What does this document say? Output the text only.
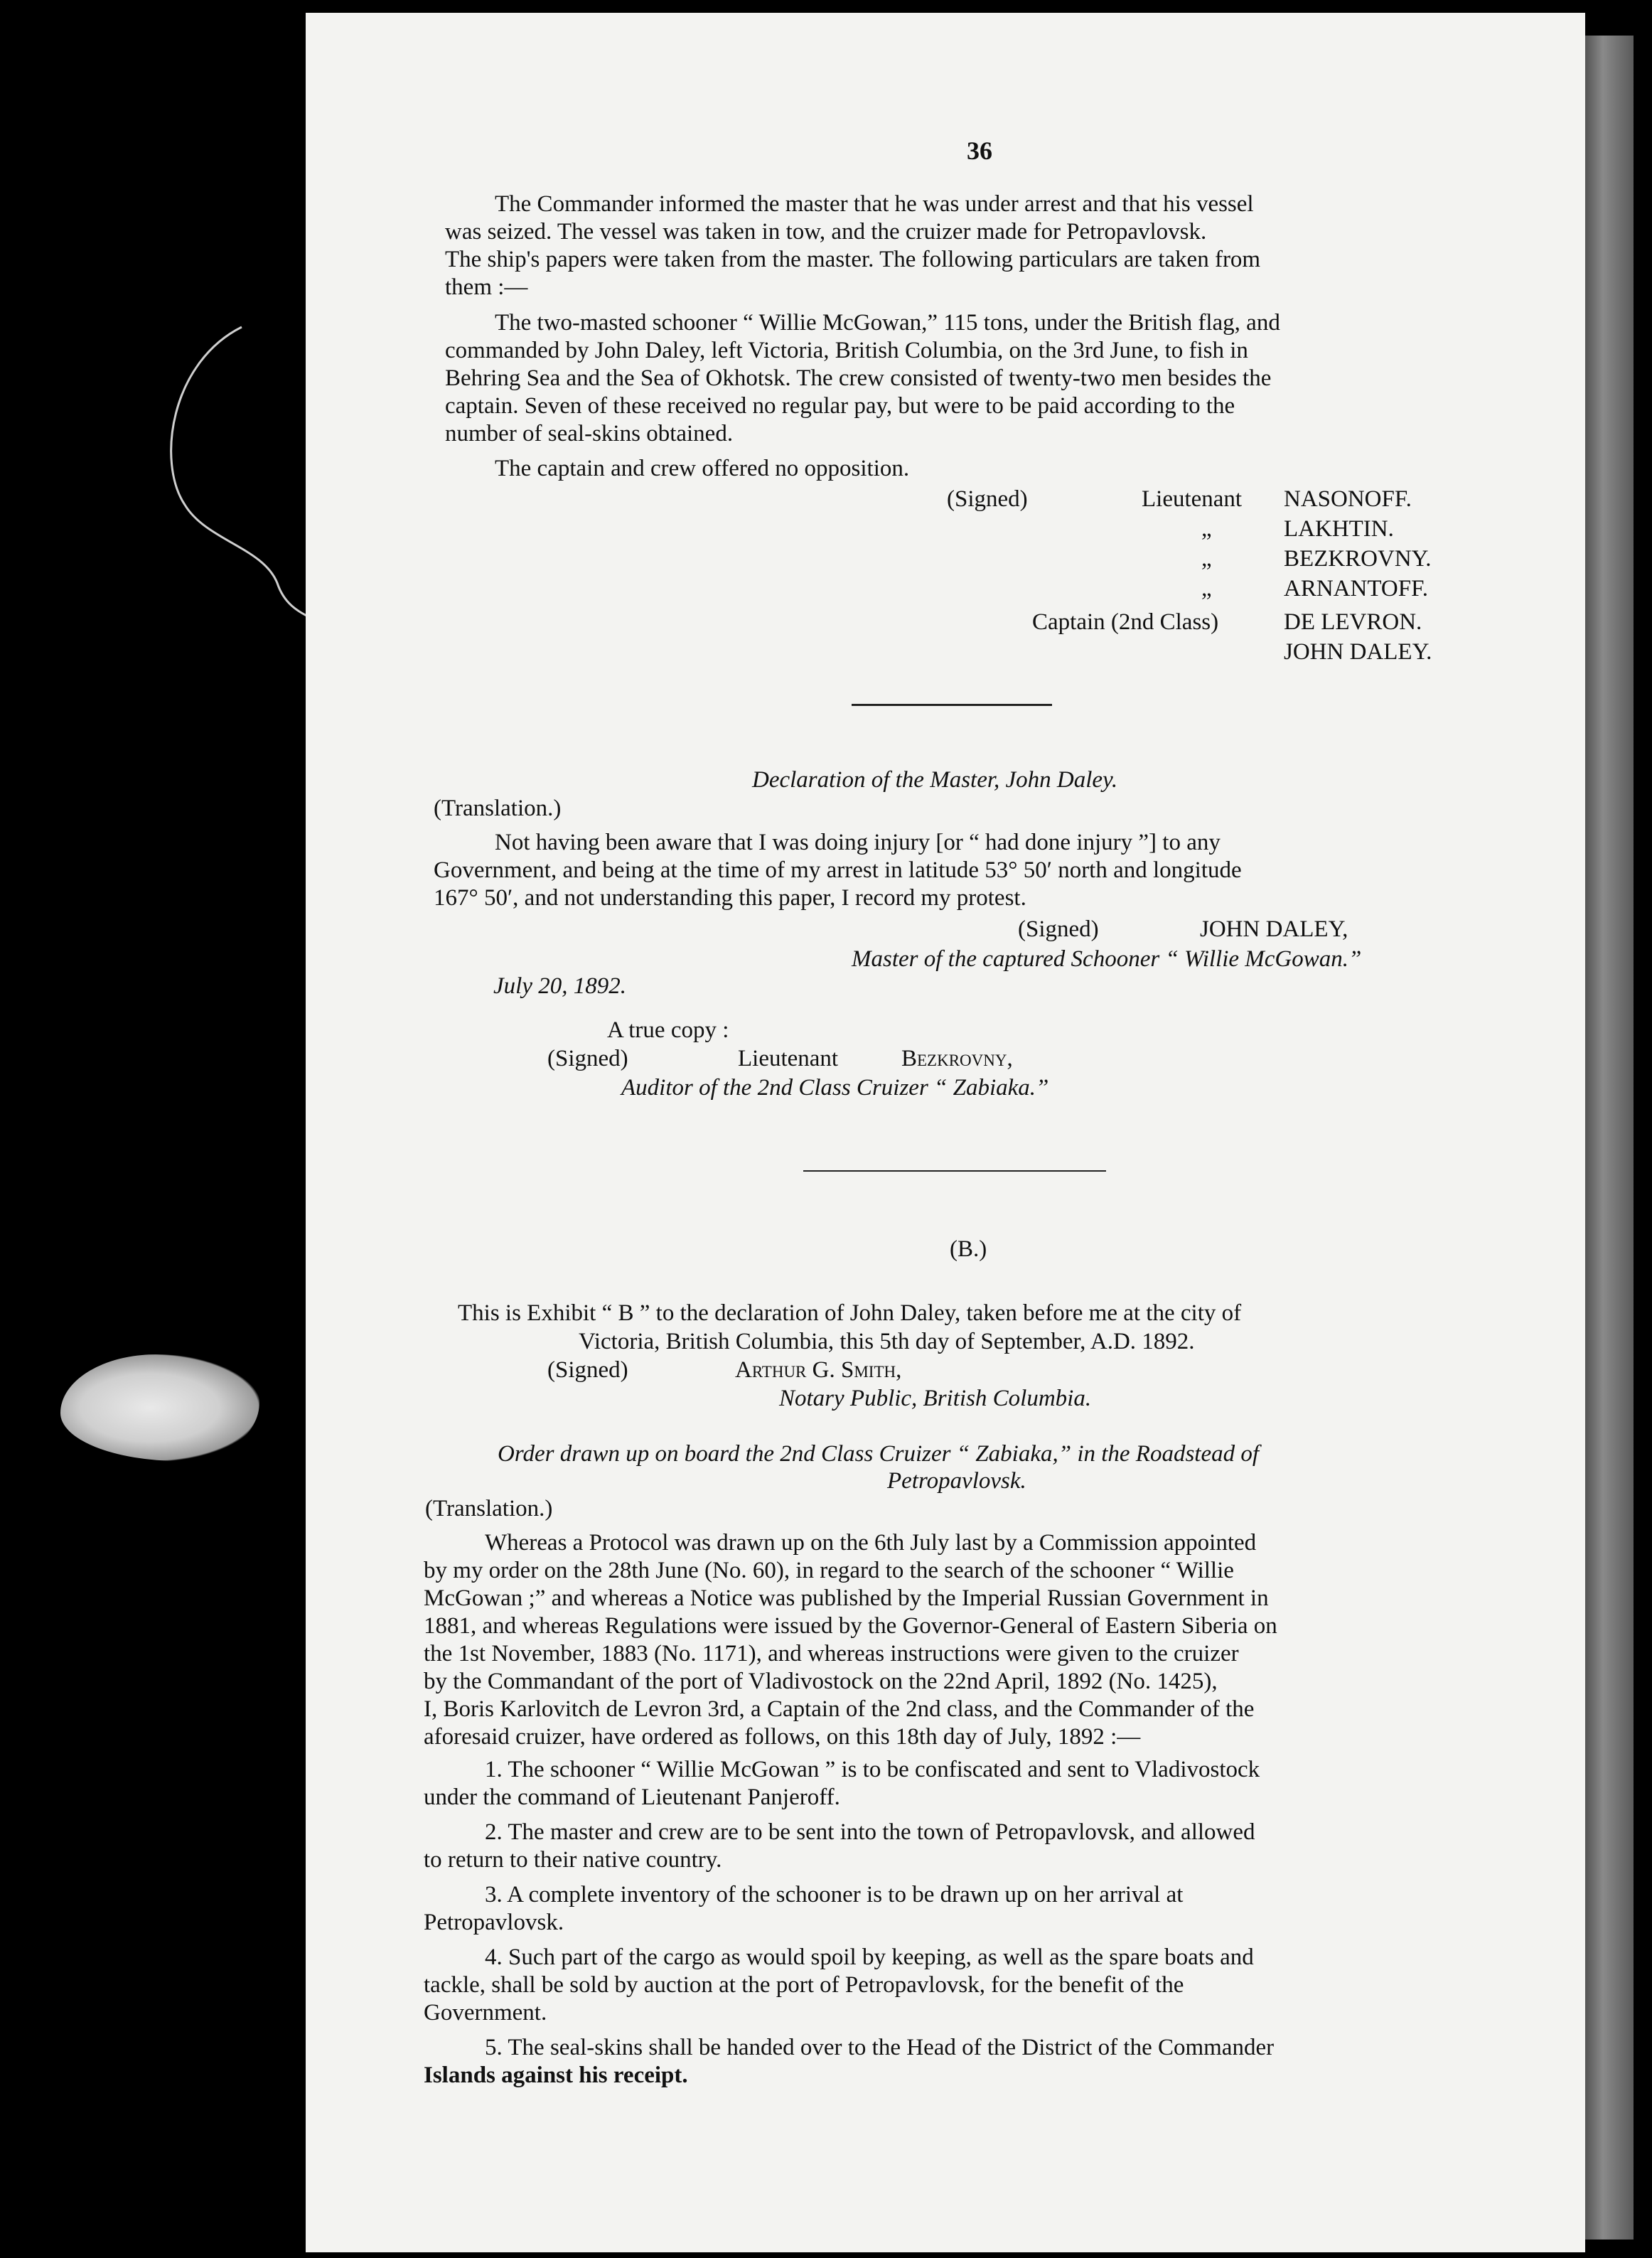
36
The Commander informed the master that he was under arrest and that his vessel
was seized. The vessel was taken in tow, and the cruizer made for Petropavlovsk.
The ship's papers were taken from the master. The following particulars are taken from
them :—
The two-masted schooner “ Willie McGowan,” 115 tons, under the British flag, and
commanded by John Daley, left Victoria, British Columbia, on the 3rd June, to fish in
Behring Sea and the Sea of Okhotsk. The crew consisted of twenty-two men besides the
captain. Seven of these received no regular pay, but were to be paid according to the
number of seal-skins obtained.
The captain and crew offered no opposition.
(Signed)	Lieutenant NASONOFF.
„	LAKHTIN.
„	BEZKROVNY.
„	ARNANTOFF.
Captain (2nd Class)	DE LEVRON.
JOHN DALEY.
Declaration of the Master, John Daley.
(Translation.)
Not having been aware that I was doing injury [or “ had done injury ”] to any
Government, and being at the time of my arrest in latitude 53° 50′ north and longitude
167° 50′, and not understanding this paper, I record my protest.
(Signed)	JOHN DALEY,
Master of the captured Schooner “ Willie McGowan.”
July 20, 1892.
A true copy :
(Signed)	Lieutenant	Bezkrovny,
Auditor of the 2nd Class Cruizer “ Zabiaka.”
(B.)
This is Exhibit “ B ” to the declaration of John Daley, taken before me at the city of
Victoria, British Columbia, this 5th day of September, A.D. 1892.
(Signed)	Arthur G. Smith,
Notary Public, British Columbia.
Order drawn up on board the 2nd Class Cruizer “ Zabiaka,” in the Roadstead of
Petropavlovsk.
(Translation.)
Whereas a Protocol was drawn up on the 6th July last by a Commission appointed
by my order on the 28th June (No. 60), in regard to the search of the schooner “ Willie
McGowan ;” and whereas a Notice was published by the Imperial Russian Government in
1881, and whereas Regulations were issued by the Governor-General of Eastern Siberia on
the 1st November, 1883 (No. 1171), and whereas instructions were given to the cruizer
by the Commandant of the port of Vladivostock on the 22nd April, 1892 (No. 1425),
I, Boris Karlovitch de Levron 3rd, a Captain of the 2nd class, and the Commander of the
aforesaid cruizer, have ordered as follows, on this 18th day of July, 1892 :—
1. The schooner “ Willie McGowan ” is to be confiscated and sent to Vladivostock
under the command of Lieutenant Panjeroff.
2. The master and crew are to be sent into the town of Petropavlovsk, and allowed
to return to their native country.
3. A complete inventory of the schooner is to be drawn up on her arrival at
Petropavlovsk.
4. Such part of the cargo as would spoil by keeping, as well as the spare boats and
tackle, shall be sold by auction at the port of Petropavlovsk, for the benefit of the
Government.
5. The seal-skins shall be handed over to the Head of the District of the Commander
Islands against his receipt.
